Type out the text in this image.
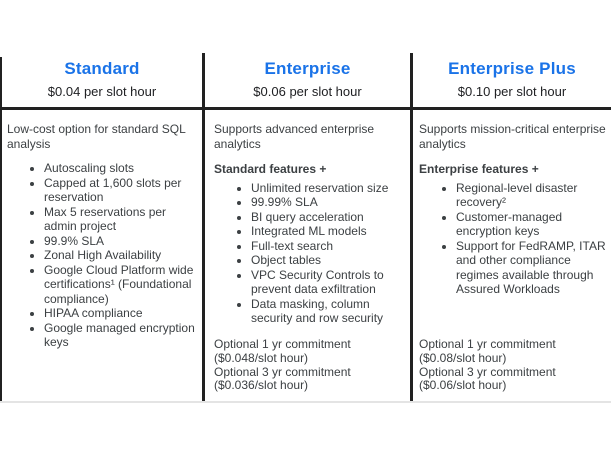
Standard
$0.04 per slot hour
Enterprise
$0.06 per slot hour
Enterprise Plus
$0.10 per slot hour

Low-cost option for standard SQL analysis

• Autoscaling slots
• Capped at 1,600 slots per reservation
• Max 5 reservations per admin project
• 99.9% SLA
• Zonal High Availability
• Google Cloud Platform wide certifications¹ (Foundational compliance)
• HIPAA compliance
• Google managed encryption keys

Supports advanced enterprise analytics

Standard features +
• Unlimited reservation size
• 99.99% SLA
• BI query acceleration
• Integrated ML models
• Full-text search
• Object tables
• VPC Security Controls to prevent data exfiltration
• Data masking, column security and row security

Supports mission-critical enterprise analytics

Enterprise features +
• Regional-level disaster recovery²
• Customer-managed encryption keys
• Support for FedRAMP, ITAR and other compliance regimes available through Assured Workloads
Optional 1 yr commitment
($0.048/slot hour)
Optional 3 yr commitment
($0.036/slot hour)
Optional 1 yr commitment
($0.08/slot hour)
Optional 3 yr commitment
($0.06/slot hour)
